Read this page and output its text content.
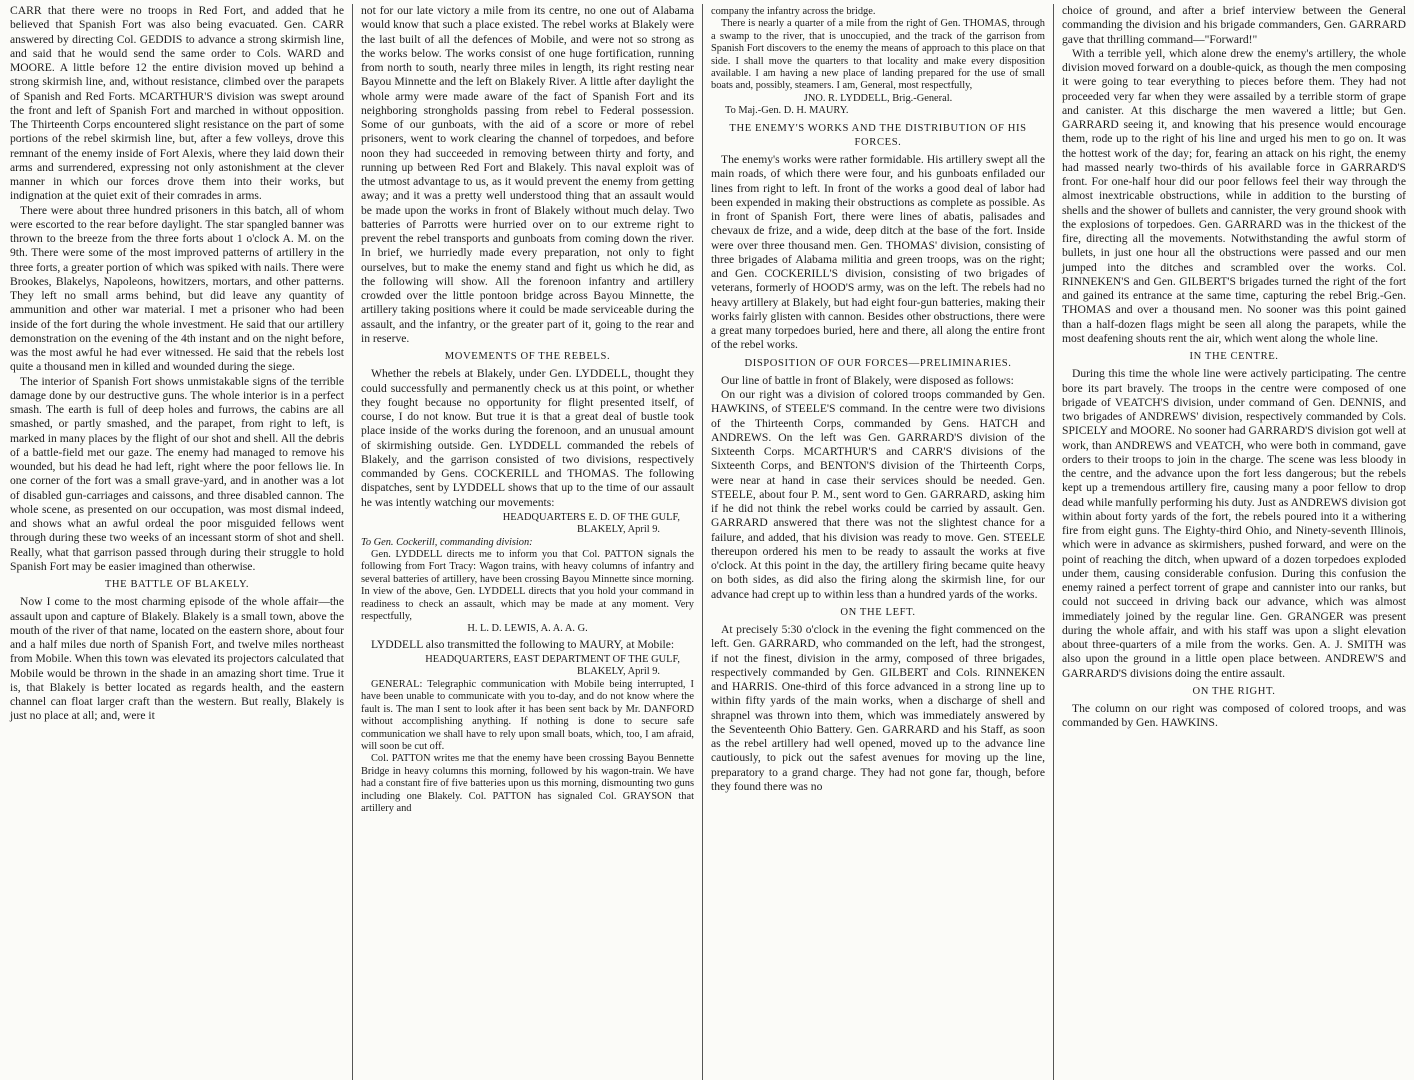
CARR that there were no troops in Red Fort, and added that he believed that Spanish Fort was also being evacuated. Gen. CARR answered by directing Col. GEDDIS to advance a strong skirmish line, and said that he would send the same order to Cols. WARD and MOORE. A little before 12 the entire division moved up behind a strong skirmish line, and, without resistance, climbed over the parapets of Spanish and Red Forts. MCARTHUR'S division was swept around the front and left of Spanish Fort and marched in without opposition. The Thirteenth Corps encountered slight resistance on the part of some portions of the rebel skirmish line, but, after a few volleys, drove this remnant of the enemy inside of Fort Alexis, where they laid down their arms and surrendered, expressing not only astonishment at the clever manner in which our forces drove them into their works, but indignation at the quiet exit of their comrades in arms.

There were about three hundred prisoners in this batch, all of whom were escorted to the rear before daylight. The star spangled banner was thrown to the breeze from the three forts about 1 o'clock A. M. on the 9th. There were some of the most improved patterns of artillery in the three forts, a greater portion of which was spiked with nails. There were Brookes, Blakelys, Napoleons, howitzers, mortars, and other patterns. They left no small arms behind, but did leave any quantity of ammunition and other war material. I met a prisoner who had been inside of the fort during the whole investment. He said that our artillery demonstration on the evening of the 4th instant and on the night before, was the most awful he had ever witnessed. He said that the rebels lost quite a thousand men in killed and wounded during the siege.

The interior of Spanish Fort shows unmistakable signs of the terrible damage done by our destructive guns. The whole interior is in a perfect smash. The earth is full of deep holes and furrows, the cabins are all smashed, or partly smashed, and the parapet, from right to left, is marked in many places by the flight of our shot and shell. All the debris of a battle-field met our gaze. The enemy had managed to remove his wounded, but his dead he had left, right where the poor fellows lie. In one corner of the fort was a small grave-yard, and in another was a lot of disabled gun-carriages and caissons, and three disabled cannon. The whole scene, as presented on our occupation, was most dismal indeed, and shows what an awful ordeal the poor misguided fellows went through during these two weeks of an incessant storm of shot and shell. Really, what that garrison passed through during their struggle to hold Spanish Fort may be easier imagined than otherwise.

THE BATTLE OF BLAKELY.

Now I come to the most charming episode of the whole affair—the assault upon and capture of Blakely. Blakely is a small town, above the mouth of the river of that name, located on the eastern shore, about four and a half miles due north of Spanish Fort, and twelve miles northeast from Mobile. When this town was elevated its projectors calculated that Mobile would be thrown in the shade in an amazing short time. True it is, that Blakely is better located as regards health, and the eastern channel can float larger craft than the western. But really, Blakely is just no place at all; and, were it

not for our late victory a mile from its centre, no one out of Alabama would know that such a place existed. The rebel works at Blakely were the last built of all the defences of Mobile, and were not so strong as the works below. The works consist of one huge fortification, running from north to south, nearly three miles in length, its right resting near Bayou Minnette and the left on Blakely River. A little after daylight the whole army were made aware of the fact of Spanish Fort and its neighboring strongholds passing from rebel to Federal possession. Some of our gunboats, with the aid of a score or more of rebel prisoners, went to work clearing the channel of torpedoes, and before noon they had succeeded in removing between thirty and forty, and running up between Red Fort and Blakely. This naval exploit was of the utmost advantage to us, as it would prevent the enemy from getting away; and it was a pretty well understood thing that an assault would be made upon the works in front of Blakely without much delay. Two batteries of Parrotts were hurried over on to our extreme right to prevent the rebel transports and gunboats from coming down the river. In brief, we hurriedly made every preparation, not only to fight ourselves, but to make the enemy stand and fight us which he did, as the following will show. All the forenoon infantry and artillery crowded over the little pontoon bridge across Bayou Minnette, the artillery taking positions where it could be made serviceable during the assault, and the infantry, or the greater part of it, going to the rear and in reserve.

MOVEMENTS OF THE REBELS.

Whether the rebels at Blakely, under Gen. LYDDELL, thought they could successfully and permanently check us at this point, or whether they fought because no opportunity for flight presented itself, of course, I do not know. But true it is that a great deal of bustle took place inside of the works during the forenoon, and an unusual amount of skirmishing outside. Gen. LYDDELL commanded the rebels of Blakely, and the garrison consisted of two divisions, respectively commanded by Gens. COCKERILL and THOMAS. The following dispatches, sent by LYDDELL shows that up to the time of our assault he was intently watching our movements:

HEADQUARTERS E. D. OF THE GULF,
BLAKELY, April 9.
To Gen. Cockerill, commanding division:
Gen. LYDDELL directs me to inform you that Col. PATTON signals the following from Fort Tracy: Wagon trains, with heavy columns of infantry and several batteries of artillery, have been crossing Bayou Minnette since morning. In view of the above, Gen. LYDDELL directs that you hold your command in readiness to check an assault, which may be made at any moment. Very respectfully,
H. L. D. LEWIS, A. A. A. G.

LYDDELL also transmitted the following to MAURY, at Mobile:

HEADQUARTERS, EAST DEPARTMENT OF THE GULF,
BLAKELY, April 9.
GENERAL: Telegraphic communication with Mobile being interrupted, I have been unable to communicate with you to-day, and do not know where the fault is. The man I sent to look after it has been sent back by Mr. DANFORD without accomplishing anything. If nothing is done to secure safe communication we shall have to rely upon small boats, which, too, I am afraid, will soon be cut off.
Col. PATTON writes me that the enemy have been crossing Bayou Bennette Bridge in heavy columns this morning, followed by his wagon-train. We have had a constant fire of five batteries upon us this morning, dismounting two guns including one Blakely. Col. PATTON has signaled Col. GRAYSON that artillery and
company the infantry across the bridge.
There is nearly a quarter of a mile from the right of Gen. THOMAS, through a swamp to the river, that is unoccupied, and the track of the garrison from Spanish Fort discovers to the enemy the means of approach to this place on that side. I shall move the quarters to that locality and make every disposition available. I am having a new place of landing prepared for the use of small boats and, possibly, steamers. I am, General, most respectfully,
JNO. R. LYDDELL, Brig.-General.
To Maj.-Gen. D. H. MAURY.
THE ENEMY'S WORKS AND THE DISTRIBUTION OF HIS FORCES.

The enemy's works were rather formidable. His artillery swept all the main roads, of which there were four, and his gunboats enfiladed our lines from right to left. In front of the works a good deal of labor had been expended in making their obstructions as complete as possible. As in front of Spanish Fort, there were lines of abatis, palisades and chevaux de frize, and a wide, deep ditch at the base of the fort. Inside were over three thousand men. Gen. THOMAS' division, consisting of three brigades of Alabama militia and green troops, was on the right; and Gen. COCKERILL'S division, consisting of two brigades of veterans, formerly of HOOD'S army, was on the left. The rebels had no heavy artillery at Blakely, but had eight four-gun batteries, making their works fairly glisten with cannon. Besides other obstructions, there were a great many torpedoes buried, here and there, all along the entire front of the rebel works.

DISPOSITION OF OUR FORCES—PRELIMINARIES.

Our line of battle in front of Blakely, were disposed as follows:

On our right was a division of colored troops commanded by Gen. HAWKINS, of STEELE'S command. In the centre were two divisions of the Thirteenth Corps, commanded by Gens. HATCH and ANDREWS. On the left was Gen. GARRARD'S division of the Sixteenth Corps. MCARTHUR'S and CARR'S divisions of the Sixteenth Corps, and BENTON'S division of the Thirteenth Corps, were near at hand in case their services should be needed. Gen. STEELE, about four P. M., sent word to Gen. GARRARD, asking him if he did not think the rebel works could be carried by assault. Gen. GARRARD answered that there was not the slightest chance for a failure, and added, that his division was ready to move. Gen. STEELE thereupon ordered his men to be ready to assault the works at five o'clock. At this point in the day, the artillery firing became quite heavy on both sides, as did also the firing along the skirmish line, for our advance had crept up to within less than a hundred yards of the works.

ON THE LEFT.

At precisely 5:30 o'clock in the evening the fight commenced on the left. Gen. GARRARD, who commanded on the left, had the strongest, if not the finest, division in the army, composed of three brigades, respectively commanded by Gen. GILBERT and Cols. RINNEKEN and HARRIS. One-third of this force advanced in a strong line up to within fifty yards of the main works, when a discharge of shell and shrapnel was thrown into them, which was immediately answered by the Seventeenth Ohio Battery. Gen. GARRARD and his Staff, as soon as the rebel artillery had well opened, moved up to the advance line cautiously, to pick out the safest avenues for moving up the line, preparatory to a grand charge. They had not gone far, though, before they found there was no

choice of ground, and after a brief interview between the General commanding the division and his brigade commanders, Gen. GARRARD gave that thrilling command—"Forward!"

With a terrible yell, which alone drew the enemy's artillery, the whole division moved forward on a double-quick, as though the men composing it were going to tear everything to pieces before them. They had not proceeded very far when they were assailed by a terrible storm of grape and canister. At this discharge the men wavered a little; but Gen. GARRARD seeing it, and knowing that his presence would encourage them, rode up to the right of his line and urged his men to go on. It was the hottest work of the day; for, fearing an attack on his right, the enemy had massed nearly two-thirds of his available force in GARRARD'S front. For one-half hour did our poor fellows feel their way through the almost inextricable obstructions, while in addition to the bursting of shells and the shower of bullets and cannister, the very ground shook with the explosions of torpedoes. Gen. GARRARD was in the thickest of the fire, directing all the movements. Notwithstanding the awful storm of bullets, in just one hour all the obstructions were passed and our men jumped into the ditches and scrambled over the works. Col. RINNEKEN'S and Gen. GILBERT'S brigades turned the right of the fort and gained its entrance at the same time, capturing the rebel Brig.-Gen. THOMAS and over a thousand men. No sooner was this point gained than a half-dozen flags might be seen all along the parapets, while the most deafening shouts rent the air, which went along the whole line.

IN THE CENTRE.

During this time the whole line were actively participating. The centre bore its part bravely. The troops in the centre were composed of one brigade of VEATCH'S division, under command of Gen. DENNIS, and two brigades of ANDREWS' division, respectively commanded by Cols. SPICELY and MOORE. No sooner had GARRARD'S division got well at work, than ANDREWS and VEATCH, who were both in command, gave orders to their troops to join in the charge. The scene was less bloody in the centre, and the advance upon the fort less dangerous; but the rebels kept up a tremendous artillery fire, causing many a poor fellow to drop dead while manfully performing his duty. Just as ANDREWS division got within about forty yards of the fort, the rebels poured into it a withering fire from eight guns. The Eighty-third Ohio, and Ninety-seventh Illinois, which were in advance as skirmishers, pushed forward, and were on the point of reaching the ditch, when upward of a dozen torpedoes exploded under them, causing considerable confusion. During this confusion the enemy rained a perfect torrent of grape and cannister into our ranks, but could not succeed in driving back our advance, which was almost immediately joined by the regular line. Gen. GRANGER was present during the whole affair, and with his staff was upon a slight elevation about three-quarters of a mile from the works. Gen. A. J. SMITH was also upon the ground in a little open place between. ANDREW'S and GARRARD'S divisions doing the entire assault.

ON THE RIGHT.

The column on our right was composed of colored troops, and was commanded by Gen. HAWKINS.
